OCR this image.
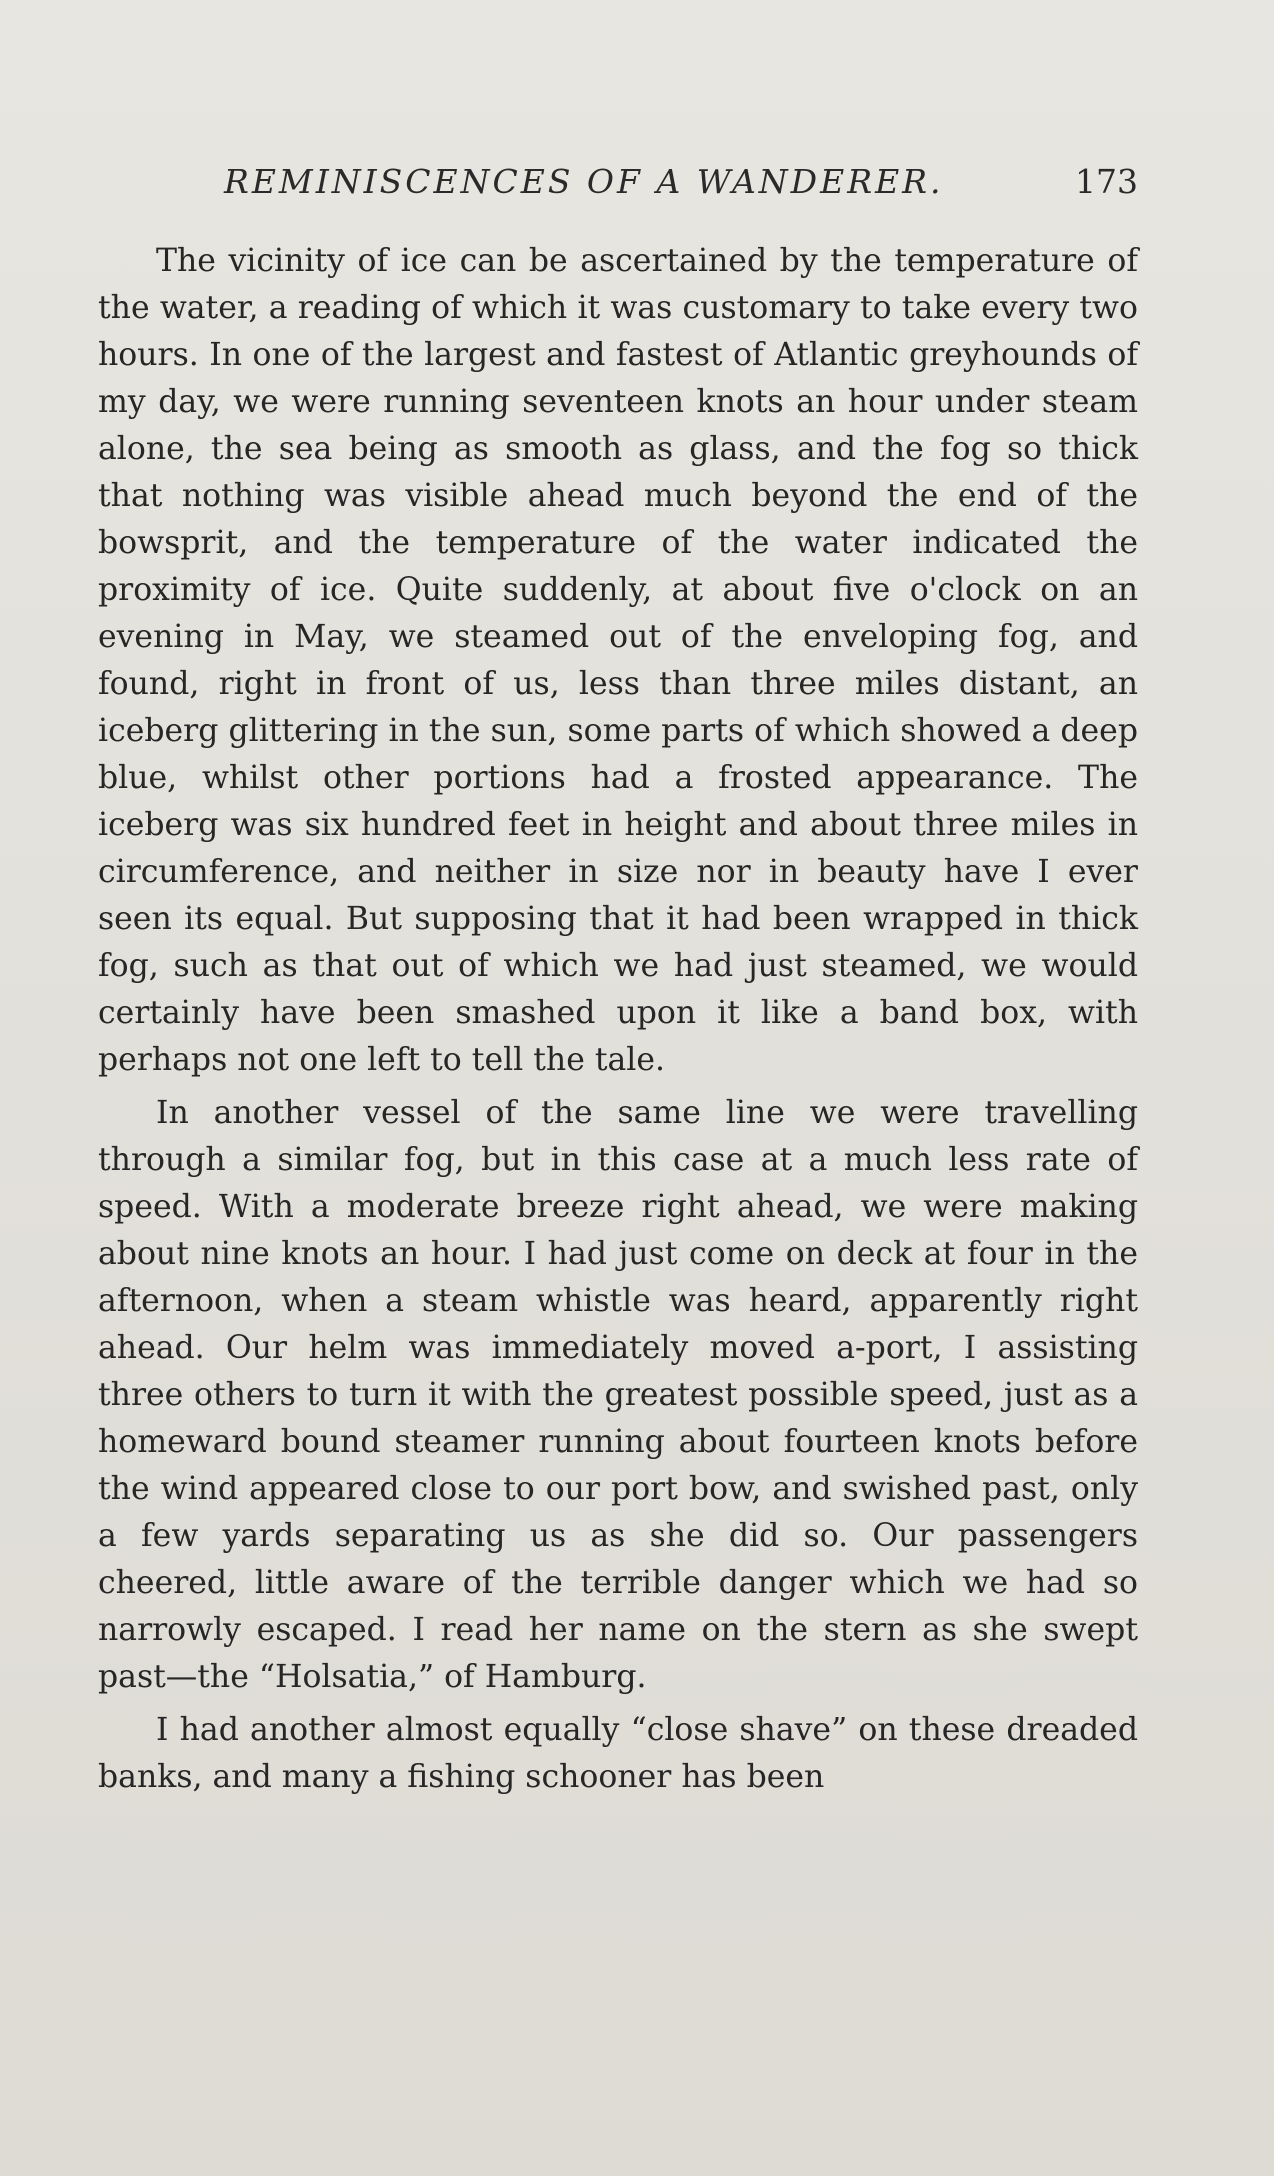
REMINISCENCES OF A WANDERER.	173

The vicinity of ice can be ascertained by the temperature of the water, a reading of which it was customary to take every two hours. In one of the largest and fastest of Atlantic greyhounds of my day, we were running seventeen knots an hour under steam alone, the sea being as smooth as glass, and the fog so thick that nothing was visible ahead much beyond the end of the bowsprit, and the temperature of the water indicated the proximity of ice. Quite suddenly, at about five o'clock on an evening in May, we steamed out of the enveloping fog, and found, right in front of us, less than three miles distant, an iceberg glittering in the sun, some parts of which showed a deep blue, whilst other portions had a frosted appearance. The iceberg was six hundred feet in height and about three miles in circumference, and neither in size nor in beauty have I ever seen its equal. But supposing that it had been wrapped in thick fog, such as that out of which we had just steamed, we would certainly have been smashed upon it like a band box, with perhaps not one left to tell the tale.

In another vessel of the same line we were travelling through a similar fog, but in this case at a much less rate of speed. With a moderate breeze right ahead, we were making about nine knots an hour. I had just come on deck at four in the afternoon, when a steam whistle was heard, apparently right ahead. Our helm was immediately moved a-port, I assisting three others to turn it with the greatest possible speed, just as a homeward bound steamer running about fourteen knots before the wind appeared close to our port bow, and swished past, only a few yards separating us as she did so. Our passengers cheered, little aware of the terrible danger which we had so narrowly escaped. I read her name on the stern as she swept past—the “Holsatia,” of Hamburg.

I had another almost equally “close shave” on these dreaded banks, and many a fishing schooner has been
